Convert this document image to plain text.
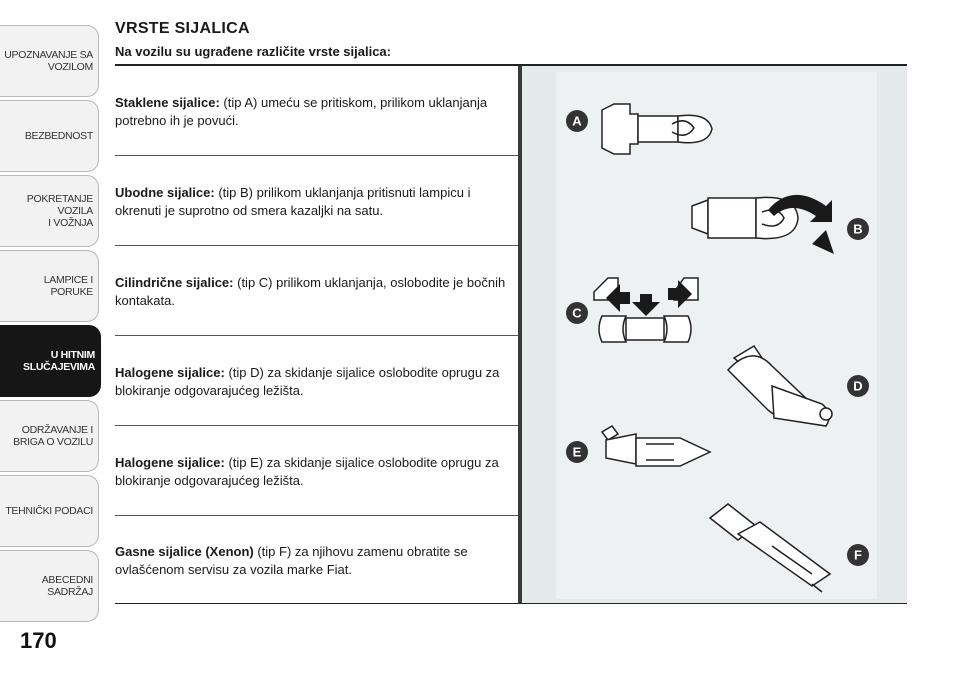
UPOZNAVANJE SA
VOZILOM
BEZBEDNOST
POKRETANJE VOZILA
I VOŽNJA
LAMPICE I PORUKE
U HITNIM
SLUČAJEVIMA
ODRŽAVANJE I
BRIGA O VOZILU
TEHNIČKI PODACI
ABECEDNI SADRŽAJ
170
VRSTE SIJALICA
Na vozilu su ugrađene različite vrste sijalica:
Staklene sijalice: (tip A) umeću se pritiskom, prilikom uklanjanja potrebno ih je povući.
Ubodne sijalice: (tip B) prilikom uklanjanja pritisnuti lampicu i okrenuti je suprotno od smera kazaljki na satu.
Cilindrične sijalice: (tip C) prilikom uklanjanja, oslobodite je bočnih kontakata.
Halogene sijalice: (tip D) za skidanje sijalice oslobodite oprugu za blokiranje odgovarajućeg ležišta.
Halogene sijalice: (tip E) za skidanje sijalice oslobodite oprugu za blokiranje odgovarajućeg ležišta.
Gasne sijalice (Xenon) (tip F) za njihovu zamenu obratite se ovlašćenom servisu za vozila marke Fiat.
A
B
C
D
E
F
